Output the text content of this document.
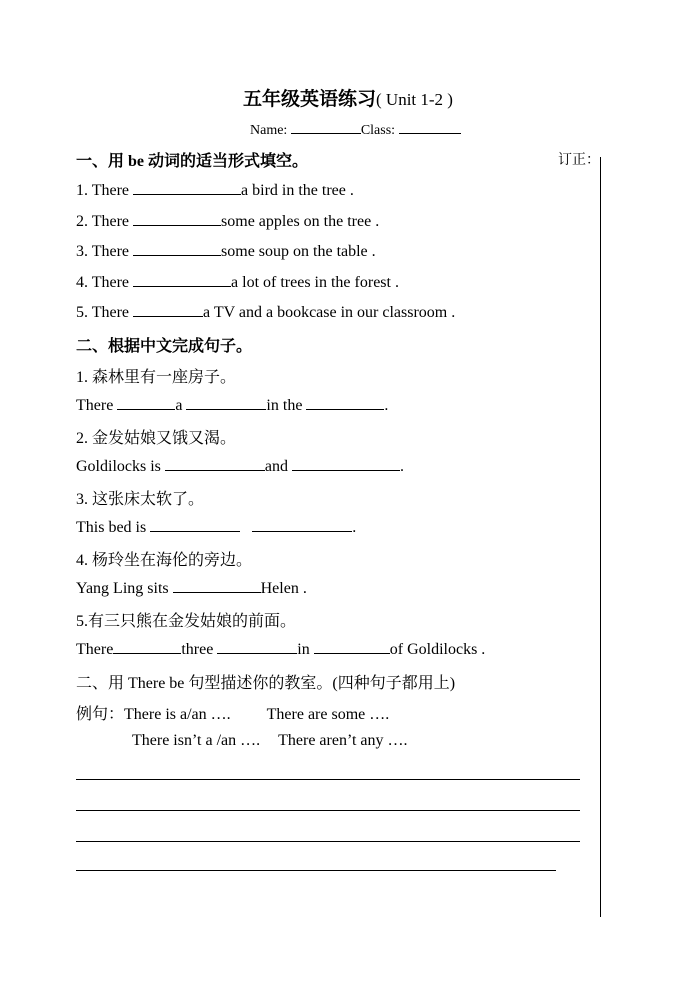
五年级英语练习( Unit 1-2 )
Name:	Class:
订正：
一、用 be 动词的适当形式填空。
1. There	a bird in the tree .
2. There	some apples on the tree .
3. There	some soup on the table .
4. There	a lot of trees in the forest .
5. There	a TV and a bookcase in our classroom .
二、根据中文完成句子。
1. 森林里有一座房子。
There	a	in the	.
2. 金发姑娘又饿又渴。
Goldilocks is	and	.
3. 这张床太软了。
This bed is	.
4. 杨玲坐在海伦的旁边。
Yang Ling sits	Helen .
5.有三只熊在金发姑娘的前面。
There	three	in	of Goldilocks .
二、用 There be 句型描述你的教室。(四种句子都用上)
例句：There is a/an …. There are some ….
There isn’t a /an …. There aren’t any ….
